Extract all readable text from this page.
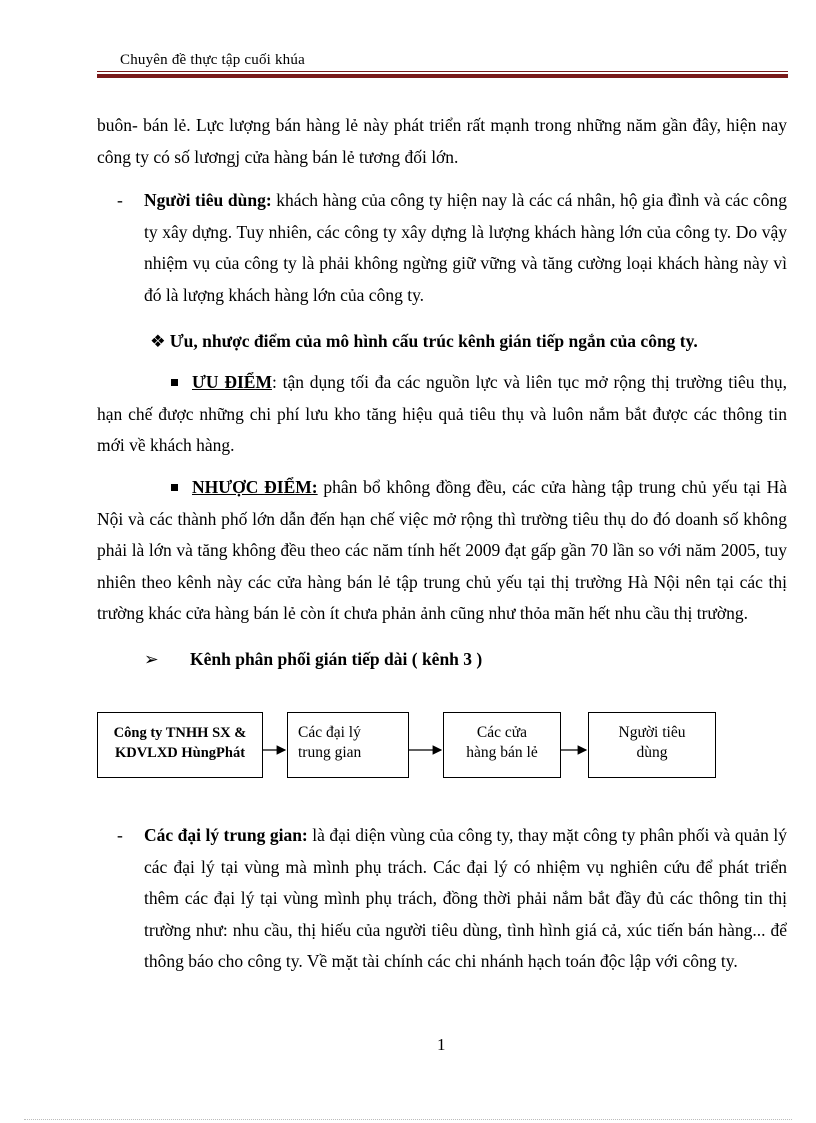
Chuyên đề thực tập cuối khúa

buôn- bán lẻ. Lực lượng bán hàng lẻ này phát triển rất mạnh trong những năm gần đây, hiện nay công ty có số lươngj cửa hàng bán lẻ tương đối lớn.

- Người tiêu dùng: khách hàng của công ty hiện nay là các cá nhân, hộ gia đình và các công ty xây dựng. Tuy nhiên, các công ty xây dựng là lượng khách hàng lớn của công ty. Do vậy nhiệm vụ của công ty là phải không ngừng giữ vững và tăng cường loại khách hàng này vì đó là lượng khách hàng lớn của công ty.

❖ Ưu, nhược điểm của mô hình cấu trúc kênh gián tiếp ngắn của công ty.

ƯU ĐIỂM: tận dụng tối đa các nguồn lực và liên tục mở rộng thị trường tiêu thụ, hạn chế được những chi phí lưu kho tăng hiệu quả tiêu thụ và luôn nắm bắt được các thông tin mới về khách hàng.

NHƯỢC ĐIỂM: phân bổ không đồng đều, các cửa hàng tập trung chủ yếu tại Hà Nội và các thành phố lớn dẫn đến hạn chế việc mở rộng thì trường tiêu thụ do đó doanh số không phải là lớn và tăng không đều theo các năm tính hết 2009 đạt gấp gần 70 lần so với năm 2005, tuy nhiên theo kênh này các cửa hàng bán lẻ tập trung chủ yếu tại thị trường Hà Nội nên tại các thị trường khác cửa hàng bán lẻ còn ít chưa phản ảnh cũng như thỏa mãn hết nhu cầu thị trường.

➢ Kênh phân phối gián tiếp dài ( kênh 3 )

Công ty TNHH SX &
KDVLXD HùngPhát
Các đại lý
trung gian
Các cửa
hàng bán lẻ
Người tiêu
dùng

- Các đại lý trung gian: là đại diện vùng của công ty, thay mặt công ty phân phối và quản lý các đại lý tại vùng mà mình phụ trách. Các đại lý có nhiệm vụ nghiên cứu để phát triển thêm các đại lý tại vùng mình phụ trách, đồng thời phải nắm bắt đầy đủ các thông tin thị trường như: nhu cầu, thị hiếu của người tiêu dùng, tình hình giá cả, xúc tiến bán hàng... để thông báo cho công ty. Về mặt tài chính các chi nhánh hạch toán độc lập với công ty.

1
